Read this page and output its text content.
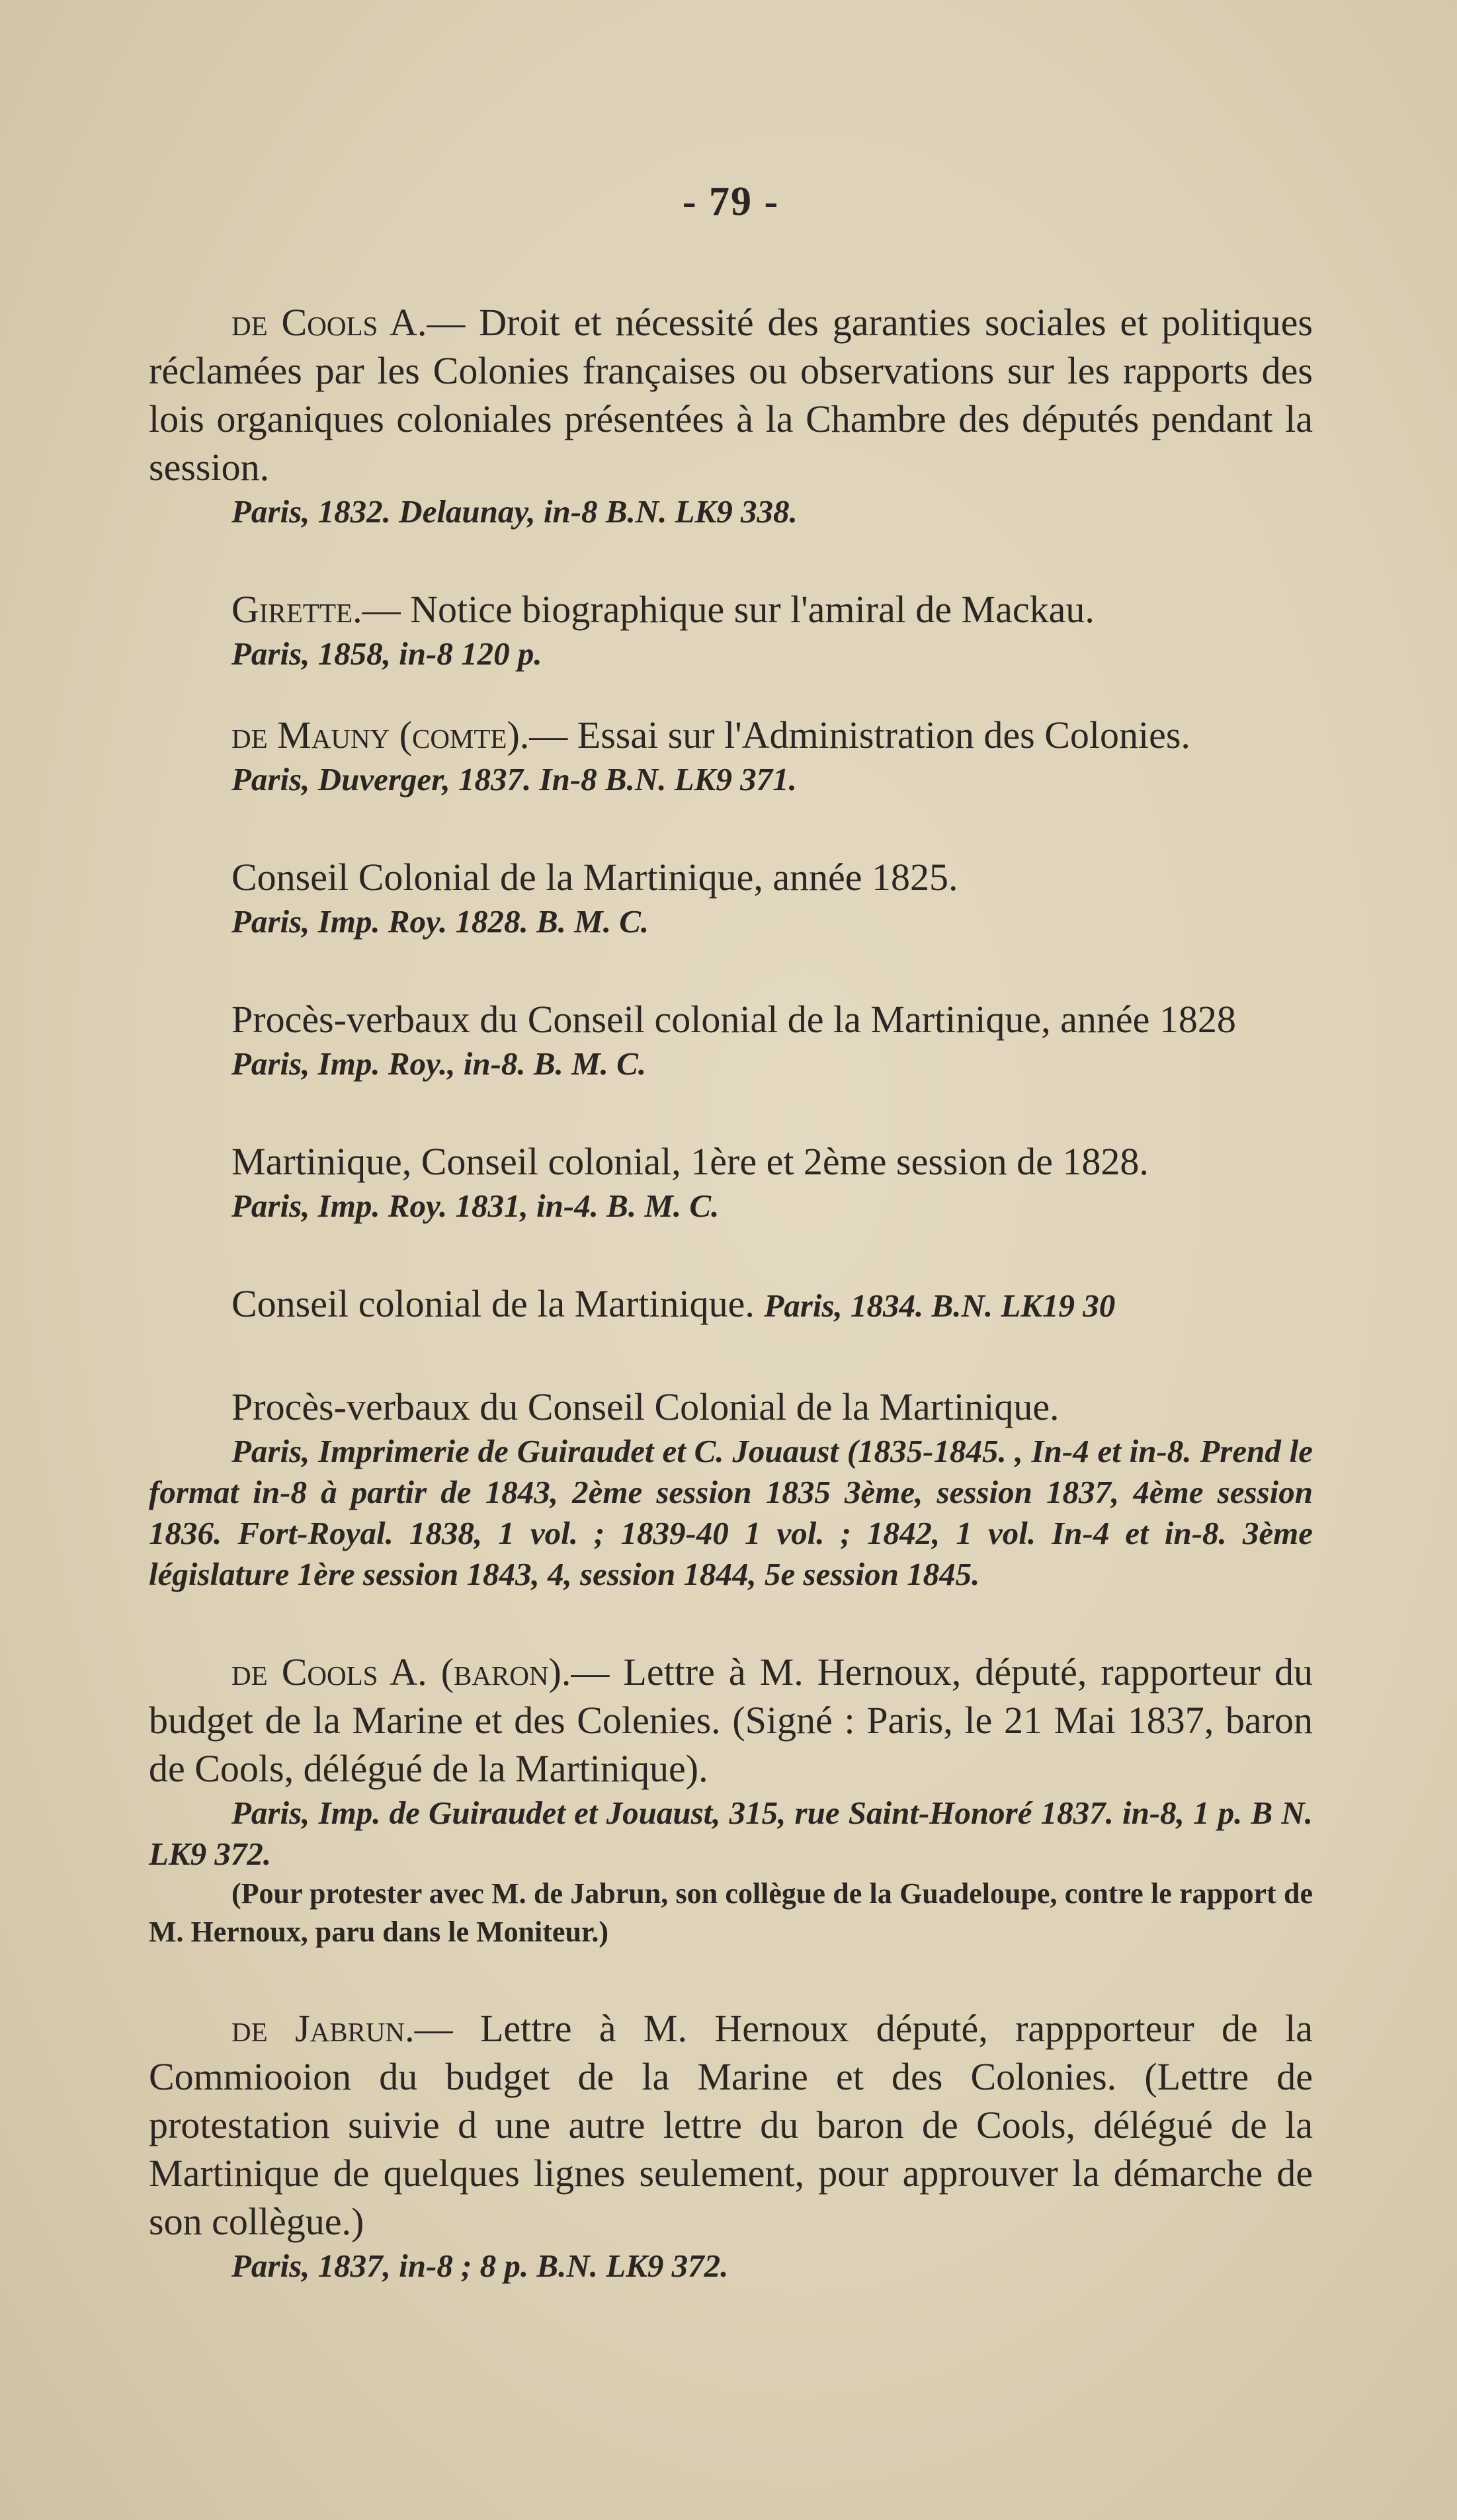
- 79 -

de Cools A.— Droit et nécessité des garanties sociales et politiques réclamées par les Colonies françaises ou observations sur les rapports des lois organiques coloniales présentées à la Chambre des députés pendant la session.

Paris, 1832. Delaunay, in-8 B.N. LK9 338.

Girette.— Notice biographique sur l'amiral de Mackau.

Paris, 1858, in-8 120 p.

de Mauny (comte).— Essai sur l'Administration des Colonies.

Paris, Duverger, 1837. In-8 B.N. LK9 371.

Conseil Colonial de la Martinique, année 1825.

Paris, Imp. Roy. 1828. B. M. C.

Procès-verbaux du Conseil colonial de la Martinique, année 1828

Paris, Imp. Roy., in-8. B. M. C.

Martinique, Conseil colonial, 1ère et 2ème session de 1828.

Paris, Imp. Roy. 1831, in-4. B. M. C.

Conseil colonial de la Martinique. Paris, 1834. B.N. LK19 30

Procès-verbaux du Conseil Colonial de la Martinique.

Paris, Imprimerie de Guiraudet et C. Jouaust (1835-1845. , In-4 et in-8. Prend le format in-8 à partir de 1843, 2ème session 1835 3ème, session 1837, 4ème session 1836. Fort-Royal. 1838, 1 vol. ; 1839-40 1 vol. ; 1842, 1 vol. In-4 et in-8. 3ème législature 1ère session 1843, 4, session 1844, 5e session 1845.

de Cools A. (baron).— Lettre à M. Hernoux, député, rapporteur du budget de la Marine et des Colenies. (Signé : Paris, le 21 Mai 1837, baron de Cools, délégué de la Martinique).

Paris, Imp. de Guiraudet et Jouaust, 315, rue Saint-Honoré 1837. in-8, 1 p. B N. LK9 372.

(Pour protester avec M. de Jabrun, son collègue de la Guadeloupe, contre le rapport de M. Hernoux, paru dans le Moniteur.)

de Jabrun.— Lettre à M. Hernoux député, rappporteur de la Commiooion du budget de la Marine et des Colonies. (Lettre de protestation suivie d une autre lettre du baron de Cools, délégué de la Martinique de quelques lignes seulement, pour approuver la démarche de son collègue.)

Paris, 1837, in-8 ; 8 p. B.N. LK9 372.
